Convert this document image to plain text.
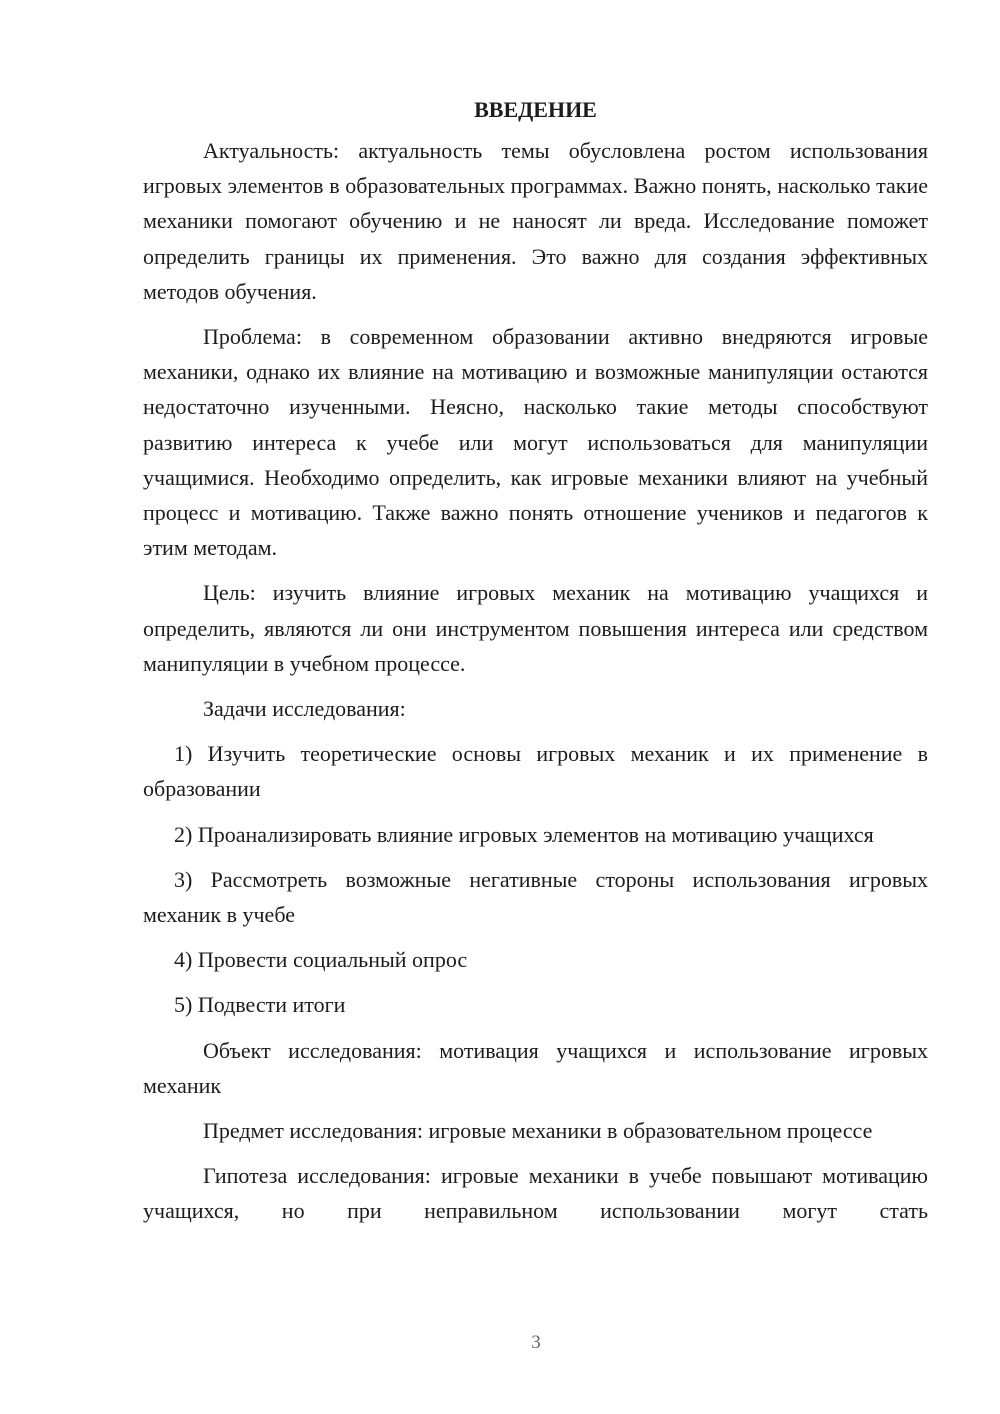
ВВЕДЕНИЕ

Актуальность: актуальность темы обусловлена ростом использования игровых элементов в образовательных программах. Важно понять, насколько такие механики помогают обучению и не наносят ли вреда. Исследование поможет определить границы их применения. Это важно для создания эффективных методов обучения.

Проблема: в современном образовании активно внедряются игровые механики, однако их влияние на мотивацию и возможные манипуляции остаются недостаточно изученными. Неясно, насколько такие методы способствуют развитию интереса к учебе или могут использоваться для манипуляции учащимися. Необходимо определить, как игровые механики влияют на учебный процесс и мотивацию. Также важно понять отношение учеников и педагогов к этим методам.

Цель: изучить влияние игровых механик на мотивацию учащихся и определить, являются ли они инструментом повышения интереса или средством манипуляции в учебном процессе.

Задачи исследования:

1) Изучить теоретические основы игровых механик и их применение в образовании

2) Проанализировать влияние игровых элементов на мотивацию учащихся

3) Рассмотреть возможные негативные стороны использования игровых механик в учебе

4) Провести социальный опрос

5) Подвести итоги

Объект исследования: мотивация учащихся и использование игровых механик

Предмет исследования: игровые механики в образовательном процессе

Гипотеза исследования: игровые механики в учебе повышают мотивацию учащихся, но при неправильном использовании могут стать

3
